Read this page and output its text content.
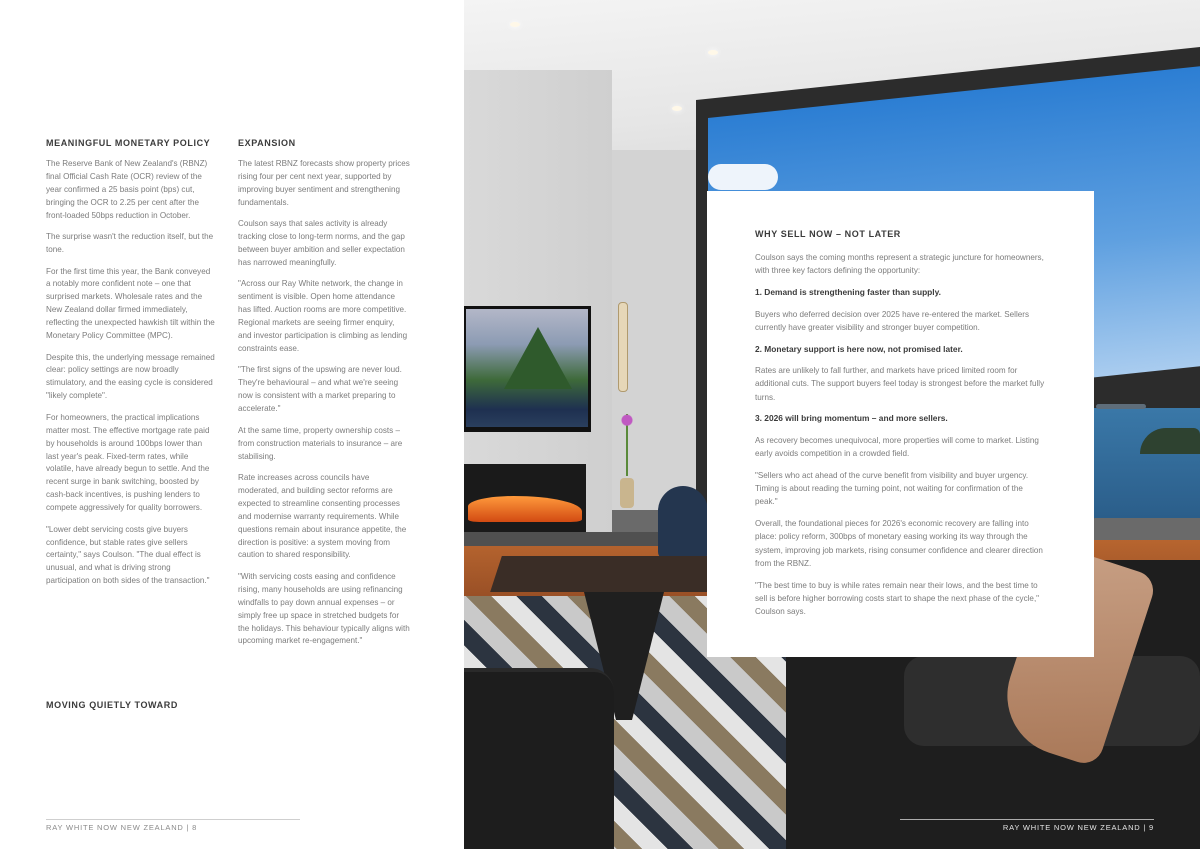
MEANINGFUL MONETARY POLICY

The Reserve Bank of New Zealand's (RBNZ) final Official Cash Rate (OCR) review of the year confirmed a 25 basis point (bps) cut, bringing the OCR to 2.25 per cent after the front-loaded 50bps reduction in October.

The surprise wasn't the reduction itself, but the tone.

For the first time this year, the Bank conveyed a notably more confident note – one that surprised markets. Wholesale rates and the New Zealand dollar firmed immediately, reflecting the unexpected hawkish tilt within the Monetary Policy Committee (MPC).

Despite this, the underlying message remained clear: policy settings are now broadly stimulatory, and the easing cycle is considered "likely complete".

For homeowners, the practical implications matter most. The effective mortgage rate paid by households is around 100bps lower than last year's peak. Fixed-term rates, while volatile, have already begun to settle. And the recent surge in bank switching, boosted by cash-back incentives, is pushing lenders to compete aggressively for quality borrowers.

"Lower debt servicing costs give buyers confidence, but stable rates give sellers certainty," says Coulson. "The dual effect is unusual, and what is driving strong participation on both sides of the transaction."

MOVING QUIETLY TOWARD
EXPANSION

The latest RBNZ forecasts show property prices rising four per cent next year, supported by improving buyer sentiment and strengthening fundamentals.

Coulson says that sales activity is already tracking close to long-term norms, and the gap between buyer ambition and seller expectation has narrowed meaningfully.

"Across our Ray White network, the change in sentiment is visible. Open home attendance has lifted. Auction rooms are more competitive. Regional markets are seeing firmer enquiry, and investor participation is climbing as lending constraints ease.

"The first signs of the upswing are never loud. They're behavioural – and what we're seeing now is consistent with a market preparing to accelerate."

At the same time, property ownership costs – from construction materials to insurance – are stabilising.

Rate increases across councils have moderated, and building sector reforms are expected to streamline consenting processes and modernise warranty requirements. While questions remain about insurance appetite, the direction is positive: a system moving from caution to shared responsibility.

"With servicing costs easing and confidence rising, many households are using refinancing windfalls to pay down annual expenses – or simply free up space in stretched budgets for the holidays. This behaviour typically aligns with upcoming market re-engagement."

RAY WHITE NOW NEW ZEALAND | 8	RAY WHITE NOW NEW ZEALAND | 9
WHY SELL NOW – NOT LATER

Coulson says the coming months represent a strategic juncture for homeowners, with three key factors defining the opportunity:

1. Demand is strengthening faster than supply.

Buyers who deferred decision over 2025 have re-entered the market. Sellers currently have greater visibility and stronger buyer competition.

2. Monetary support is here now, not promised later.

Rates are unlikely to fall further, and markets have priced limited room for additional cuts. The support buyers feel today is strongest before the market fully turns.

3. 2026 will bring momentum – and more sellers.

As recovery becomes unequivocal, more properties will come to market. Listing early avoids competition in a crowded field.

"Sellers who act ahead of the curve benefit from visibility and buyer urgency. Timing is about reading the turning point, not waiting for confirmation of the peak."

Overall, the foundational pieces for 2026's economic recovery are falling into place: policy reform, 300bps of monetary easing working its way through the system, improving job markets, rising consumer confidence and clearer direction from the RBNZ.

"The best time to buy is while rates remain near their lows, and the best time to sell is before higher borrowing costs start to shape the next phase of the cycle," Coulson says.
